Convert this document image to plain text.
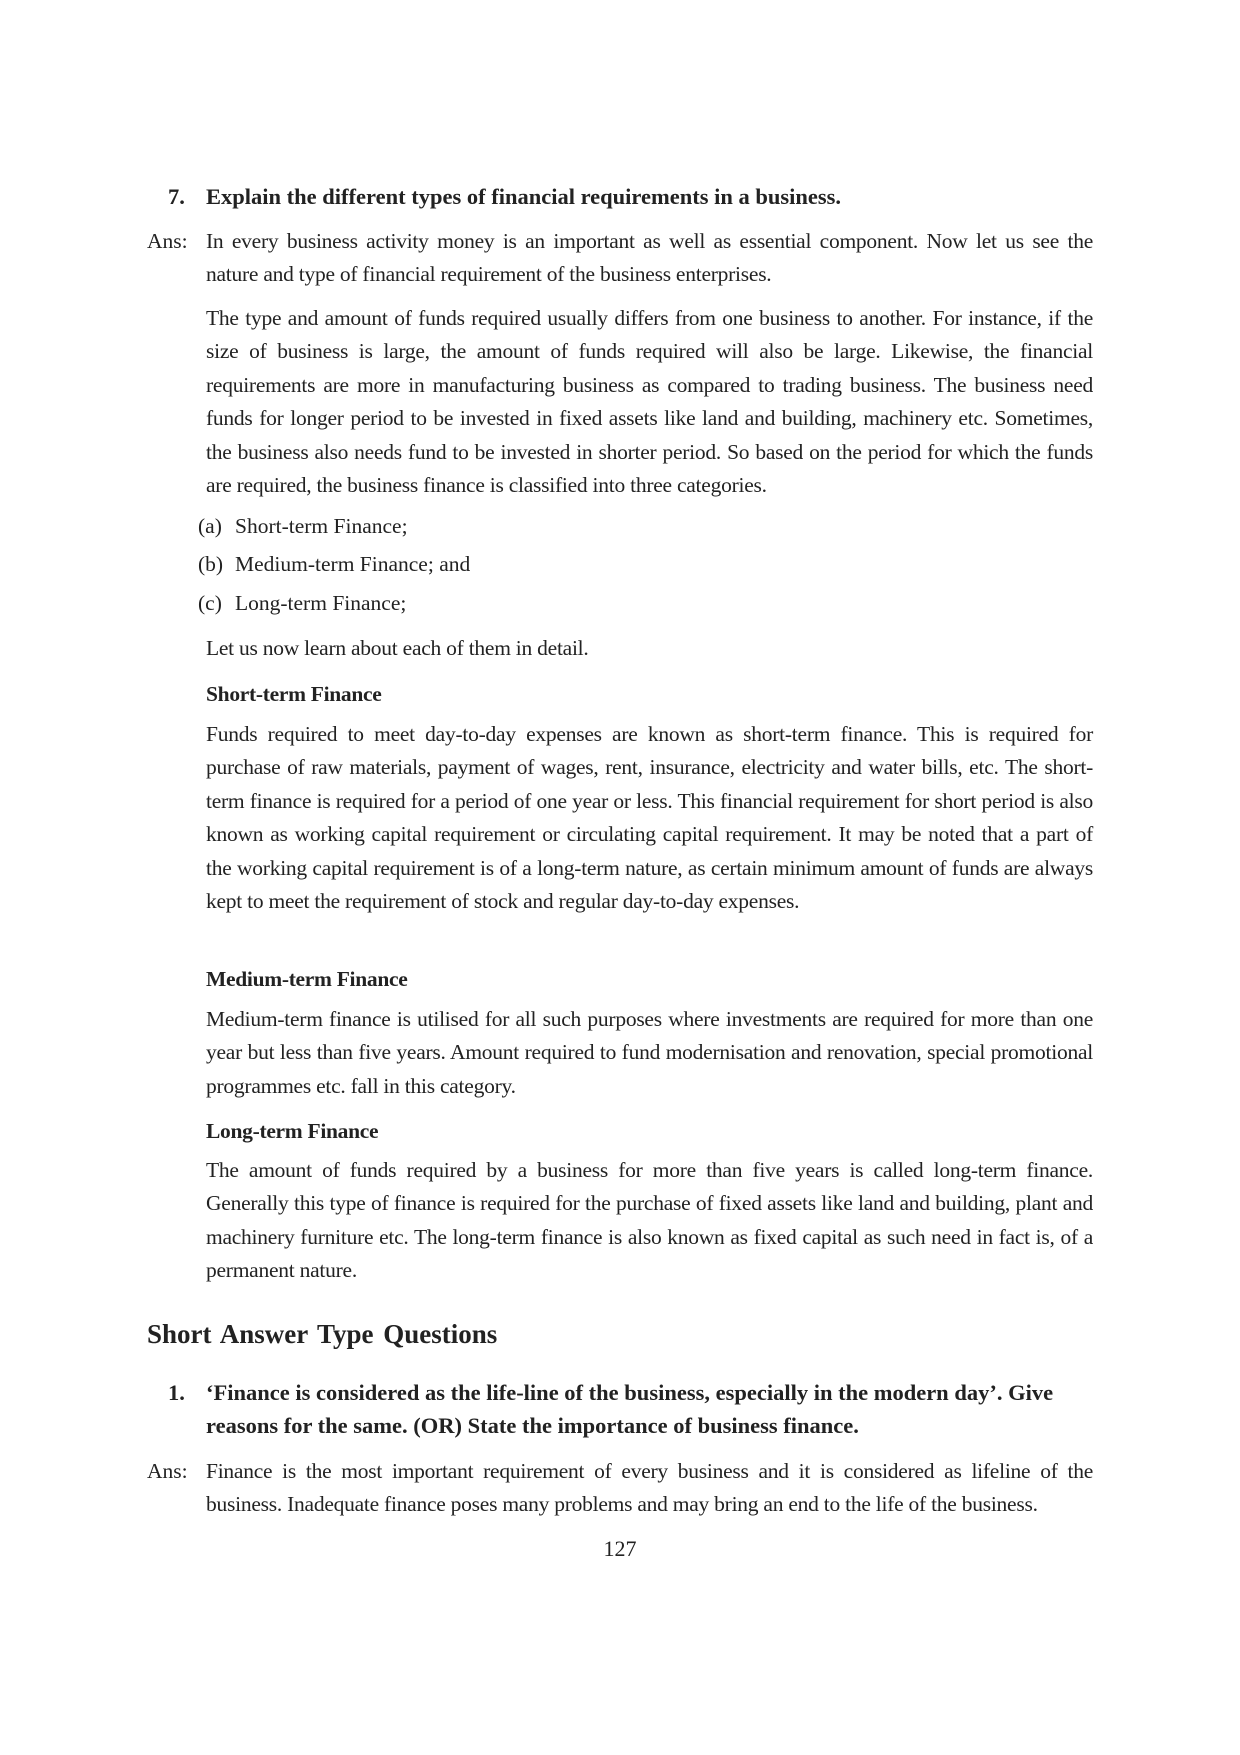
7. Explain the different types of financial requirements in a business.
Ans: In every business activity money is an important as well as essential component. Now let us see the nature and type of financial requirement of the business enterprises.
The type and amount of funds required usually differs from one business to another. For instance, if the size of business is large, the amount of funds required will also be large. Likewise, the financial requirements are more in manufacturing business as compared to trading business. The business need funds for longer period to be invested in fixed assets like land and building, machinery etc. Sometimes, the business also needs fund to be invested in shorter period. So based on the period for which the funds are required, the business finance is classified into three categories.
(a) Short-term Finance;
(b) Medium-term Finance; and
(c) Long-term Finance;
Let us now learn about each of them in detail.
Short-term Finance
Funds required to meet day-to-day expenses are known as short-term finance. This is required for purchase of raw materials, payment of wages, rent, insurance, electricity and water bills, etc. The short-term finance is required for a period of one year or less. This financial requirement for short period is also known as working capital requirement or circulating capital requirement. It may be noted that a part of the working capital requirement is of a long-term nature, as certain minimum amount of funds are always kept to meet the requirement of stock and regular day-to-day expenses.
Medium-term Finance
Medium-term finance is utilised for all such purposes where investments are required for more than one year but less than five years. Amount required to fund modernisation and renovation, special promotional programmes etc. fall in this category.
Long-term Finance
The amount of funds required by a business for more than five years is called long-term finance. Generally this type of finance is required for the purchase of fixed assets like land and building, plant and machinery furniture etc. The long-term finance is also known as fixed capital as such need in fact is, of a permanent nature.
Short Answer Type Questions
1. ‘Finance is considered as the life-line of the business, especially in the modern day’. Give reasons for the same. (OR) State the importance of business finance.
Ans: Finance is the most important requirement of every business and it is considered as lifeline of the business. Inadequate finance poses many problems and may bring an end to the life of the business.
127
